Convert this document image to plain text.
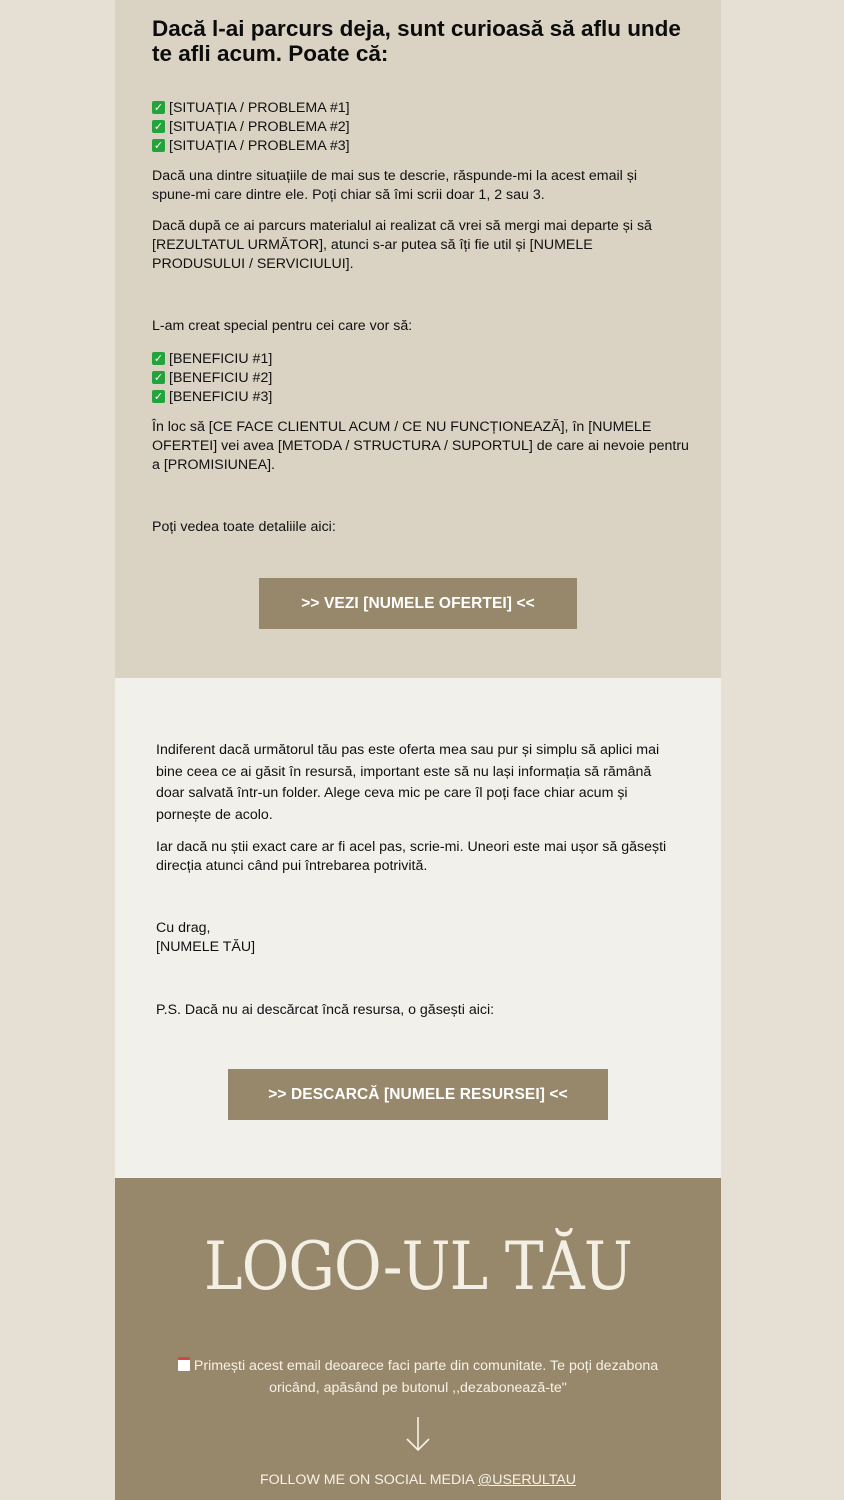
Dacă l-ai parcurs deja, sunt curioasă să aflu unde te afli acum. Poate că:
✓ [SITUAȚIA / PROBLEMA #1]
✓ [SITUAȚIA / PROBLEMA #2]
✓ [SITUAȚIA / PROBLEMA #3]

Dacă una dintre situațiile de mai sus te descrie, răspunde-mi la acest email și spune-mi care dintre ele. Poți chiar să îmi scrii doar 1, 2 sau 3.

Dacă după ce ai parcurs materialul ai realizat că vrei să mergi mai departe și să [REZULTATUL URMĂTOR], atunci s-ar putea să îți fie util și [NUMELE PRODUSULUI / SERVICIULUI].

L-am creat special pentru cei care vor să:

✓ [BENEFICIU #1]
✓ [BENEFICIU #2]
✓ [BENEFICIU #3]

În loc să [CE FACE CLIENTUL ACUM / CE NU FUNCȚIONEAZĂ], în [NUMELE OFERTEI] vei avea [METODA / STRUCTURA / SUPORTUL] de care ai nevoie pentru a [PROMISIUNEA].

Poți vedea toate detaliile aici:

>> VEZI [NUMELE OFERTEI] <<

Indiferent dacă următorul tău pas este oferta mea sau pur și simplu să aplici mai bine ceea ce ai găsit în resursă, important este să nu lași informația să rămână doar salvată într-un folder. Alege ceva mic pe care îl poți face chiar acum și pornește de acolo.

Iar dacă nu știi exact care ar fi acel pas, scrie-mi. Uneori este mai ușor să găsești direcția atunci când pui întrebarea potrivită.

Cu drag,
[NUMELE TĂU]

P.S. Dacă nu ai descărcat încă resursa, o găsești aici:

>> DESCARCĂ [NUMELE RESURSEI] <<
LOGO-UL TĂU
Primești acest email deoarece faci parte din comunitate. Te poți dezabona oricând, apăsând pe butonul ,,dezabonează-te"
FOLLOW ME ON SOCIAL MEDIA @USERULTAU
